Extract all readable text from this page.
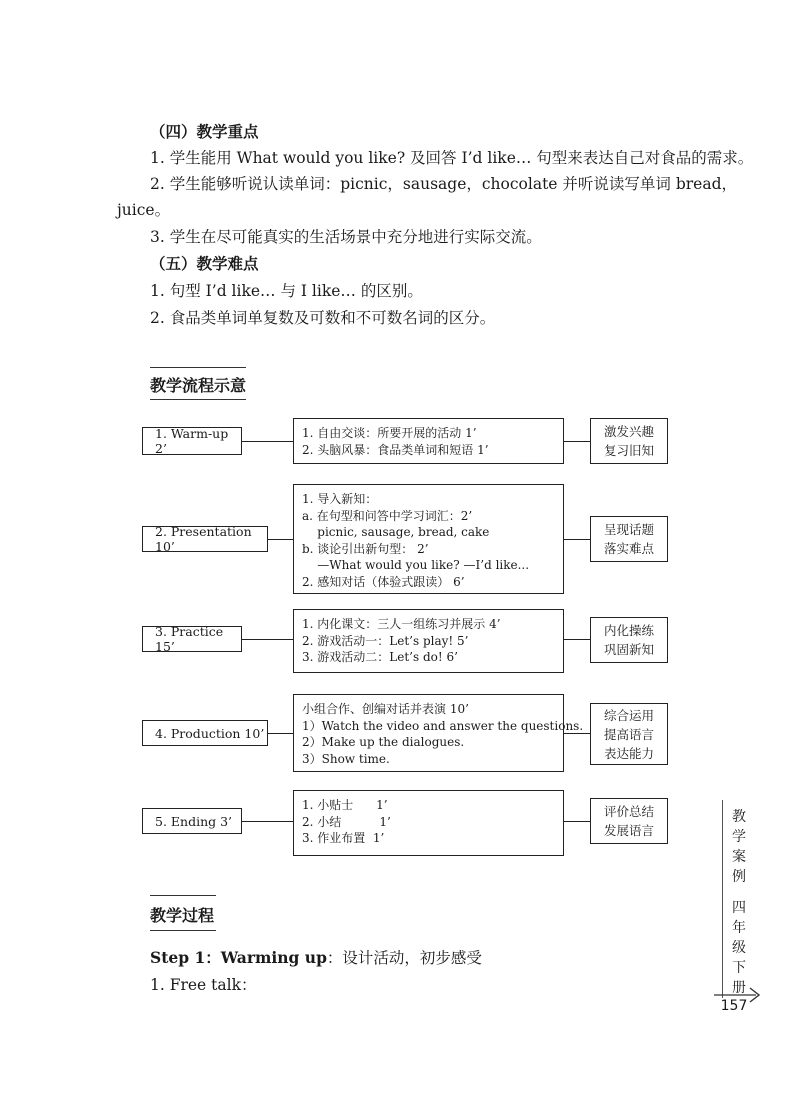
（四）教学重点
1. 学生能用 What would you like? 及回答 I’d like… 句型来表达自己对食品的需求。
2. 学生能够听说认读单词：picnic，sausage，chocolate 并听说读写单词 bread，
juice。
3. 学生在尽可能真实的生活场景中充分地进行实际交流。
（五）教学难点
1. 句型 I’d like… 与 I like… 的区别。
2. 食品类单词单复数及可数和不可数名词的区分。
教学流程示意
1. Warm-up 2’
1. 自由交谈：所要开展的活动 1’
2. 头脑风暴：食品类单词和短语 1’
激发兴趣
复习旧知
2. Presentation 10’
1. 导入新知：
a. 在句型和问答中学习词汇：2’
picnic, sausage, bread, cake
b. 谈论引出新句型： 2’
—What would you like? —I’d like...
2. 感知对话（体验式跟读） 6’
呈现话题
落实难点
3. Practice 15’
1. 内化课文：三人一组练习并展示 4’
2. 游戏活动一：Let’s play! 5’
3. 游戏活动二：Let’s do! 6’
内化操练
巩固新知
4. Production 10’
小组合作、创编对话并表演 10’
1）Watch the video and answer the questions.
2）Make up the dialogues.
3）Show time.
综合运用
提高语言
表达能力
5. Ending 3’
1. 小贴士      1’
2. 小结          1’
3. 作业布置  1’
评价总结
发展语言
教学过程
Step 1：Warming up：设计活动，初步感受
1. Free talk：
教
学
案
例
四
年
级
下
册
157
